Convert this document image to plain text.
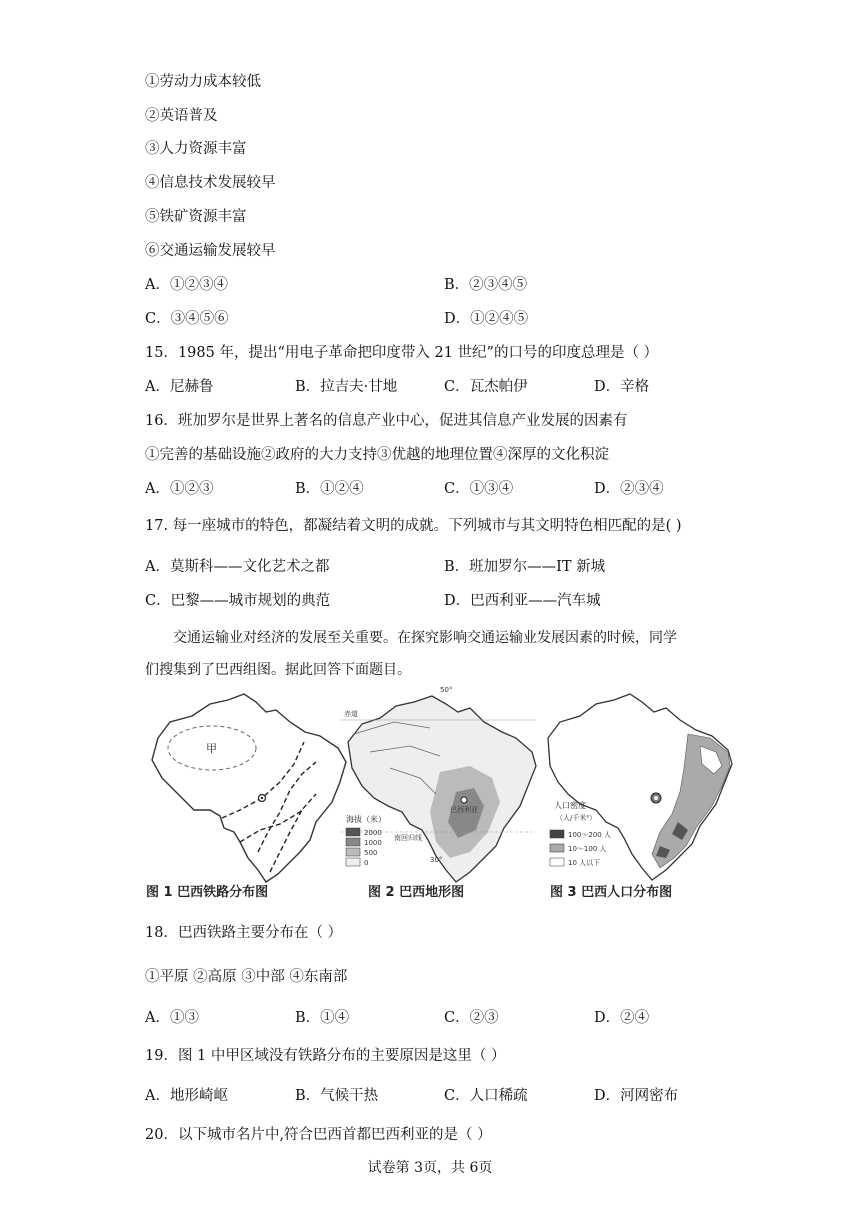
①劳动力成本较低
②英语普及
③人力资源丰富
④信息技术发展较早
⑤铁矿资源丰富
⑥交通运输发展较早
A．①②③④	B．②③④⑤
C．③④⑤⑥	D．①②④⑤
15．1985 年，提出“用电子革命把印度带入 21 世纪”的口号的印度总理是（ ）
A．尼赫鲁	B．拉吉夫·甘地	C．瓦杰帕伊	D．辛格
16．班加罗尔是世界上著名的信息产业中心，促进其信息产业发展的因素有
①完善的基础设施②政府的大力支持③优越的地理位置④深厚的文化积淀
A．①②③	B．①②④	C．①③④	D．②③④
17. 每一座城市的特色，都凝结着文明的成就。下列城市与其文明特色相匹配的是( )
A．莫斯科——文化艺术之都	B．班加罗尔——IT 新城
C．巴黎——城市规划的典范	D．巴西利亚——汽车城
交通运输业对经济的发展至关重要。在探究影响交通运输业发展因素的时候，同学
们搜集到了巴西组图。据此回答下面题目。
甲
图 1 巴西铁路分布图
赤道
南回归线
50°
30°
巴西利亚
海拔（米）
2000
1000
500
0
图 2 巴西地形图
人口密度
（人/千米²）
100～200 人
10～100 人
10 人以下
图 3 巴西人口分布图
18．巴西铁路主要分布在（ ）
①平原 ②高原 ③中部 ④东南部
A．①③	B．①④	C．②③	D．②④
19．图 1 中甲区域没有铁路分布的主要原因是这里（ ）
A．地形崎岖	B．气候干热	C．人口稀疏	D．河网密布
20．以下城市名片中,符合巴西首都巴西利亚的是（ ）
试卷第 3页，共 6页
